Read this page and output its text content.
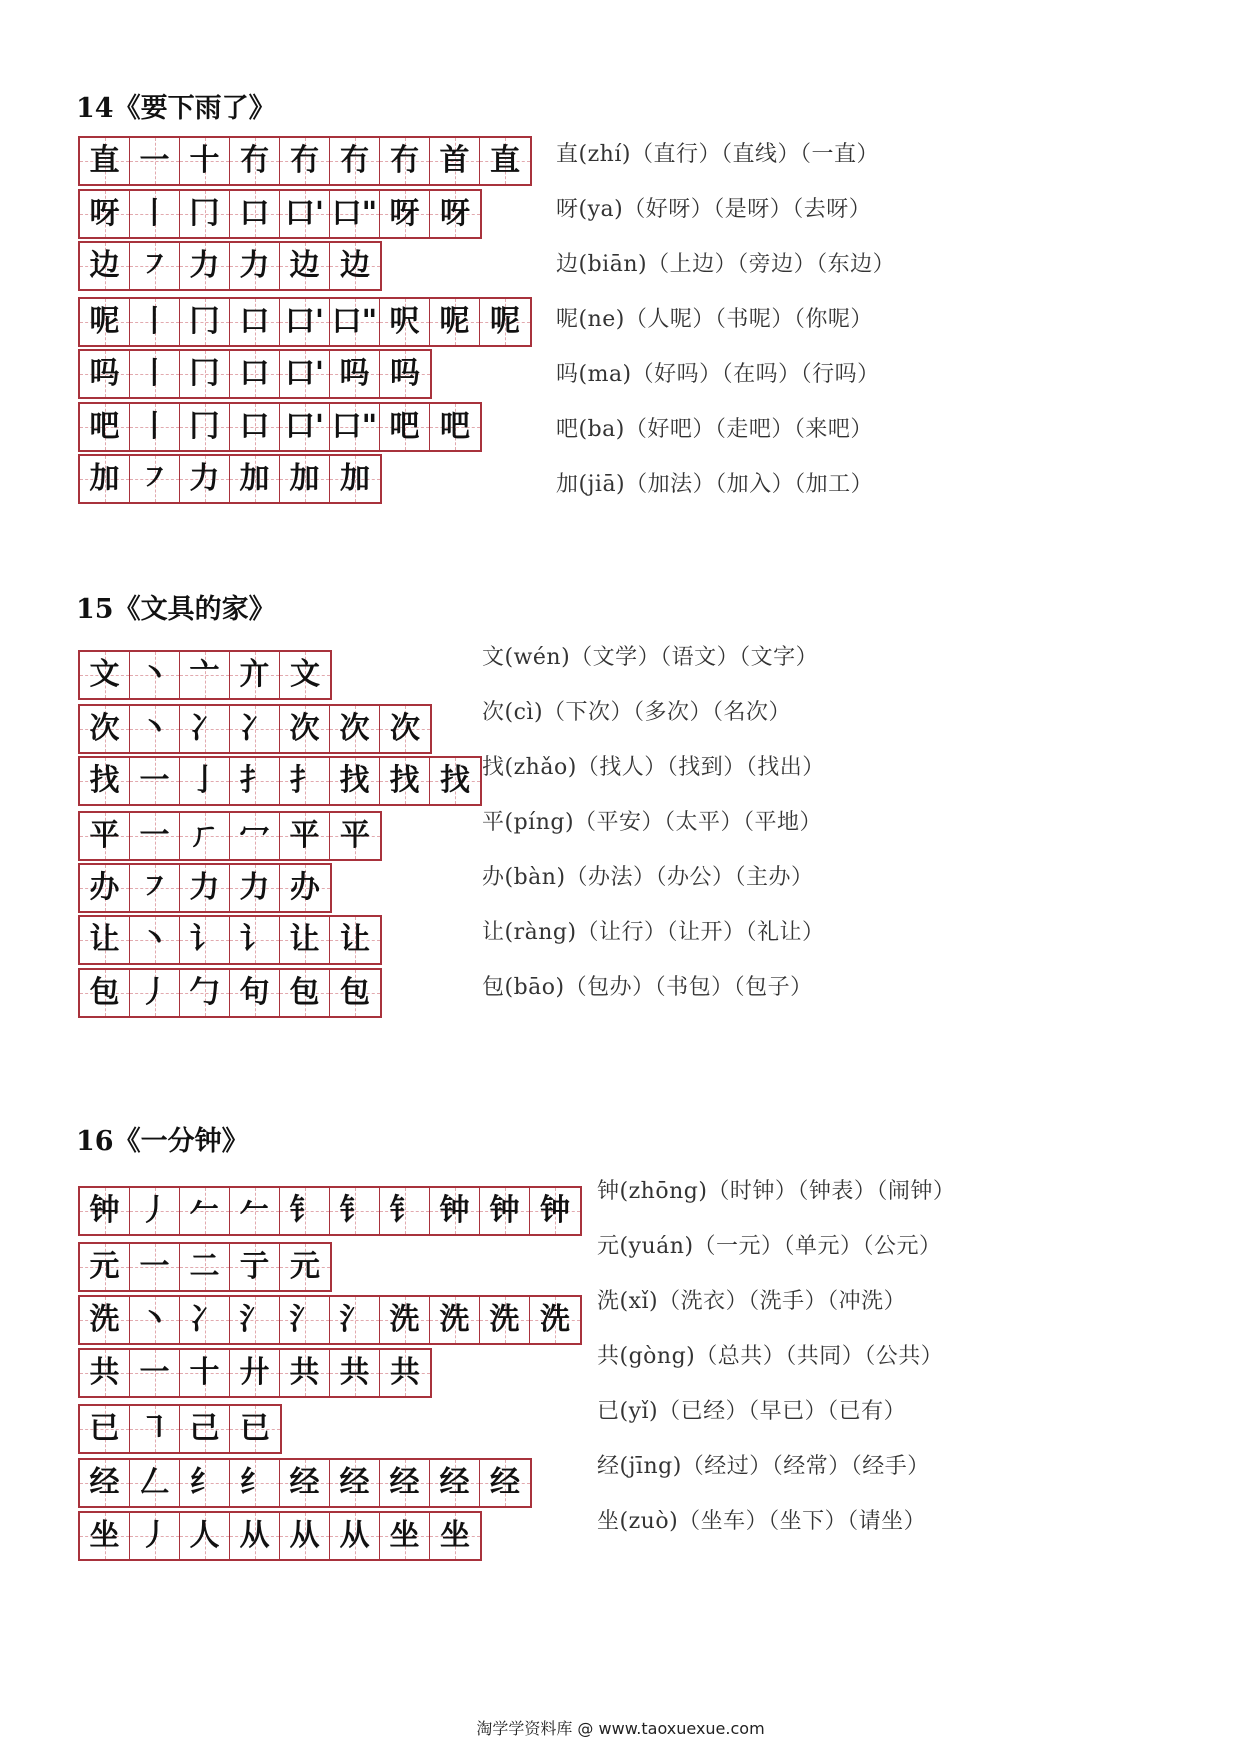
14《要下雨了》
直 一 十 冇 冇 冇 冇 首 直
呀 丨 冂 口 口' 口" 呀 呀
边 ㇇ 力 力 边 边
呢 丨 冂 口 口' 口" 呎 呢 呢
吗 丨 冂 口 口' 吗 吗
吧 丨 冂 口 口' 口" 吧 吧
加 ㇇ 力 加 加 加
直(zhí)（直行）（直线）（一直）
呀(ya)（好呀）（是呀）（去呀）
边(biān)（上边）（旁边）（东边）
呢(ne)（人呢）（书呢）（你呢）
吗(ma)（好吗）（在吗）（行吗）
吧(ba)（好吧）（走吧）（来吧）
加(jiā)（加法）（加入）（加工）
15《文具的家》
文 丶 亠 亣 文
次 丶 冫 冫 次 次 次
找 一 亅 扌 扌 找 找 找
平 一 ㄏ 冖 平 平
办 ㇇ 力 力 办
让 丶 讠 讠 让 让
包 丿 勹 句 包 包
文(wén)（文学）（语文）（文字）
次(cì)（下次）（多次）（名次）
找(zhǎo)（找人）（找到）（找出）
平(píng)（平安）（太平）（平地）
办(bàn)（办法）（办公）（主办）
让(ràng)（让行）（让开）（礼让）
包(bāo)（包办）（书包）（包子）
16《一分钟》
钟 丿 𠂉 𠂉 钅 钅 钅 钟 钟 钟
元 一 二 亍 元
洗 丶 冫 氵 氵 氵 洗 洗 洗 洗
共 一 十 廾 共 共 共
已 ㇕ 己 已
经 𠃋 纟 纟 经 经 经 经 经
坐 丿 人 从 从 从 坐 坐
钟(zhōng)（时钟）（钟表）（闹钟）
元(yuán)（一元）（单元）（公元）
洗(xǐ)（洗衣）（洗手）（冲洗）
共(gòng)（总共）（共同）（公共）
已(yǐ)（已经）（早已）（已有）
经(jīng)（经过）（经常）（经手）
坐(zuò)（坐车）（坐下）（请坐）
淘学学资料库 @ www.taoxuexue.com
